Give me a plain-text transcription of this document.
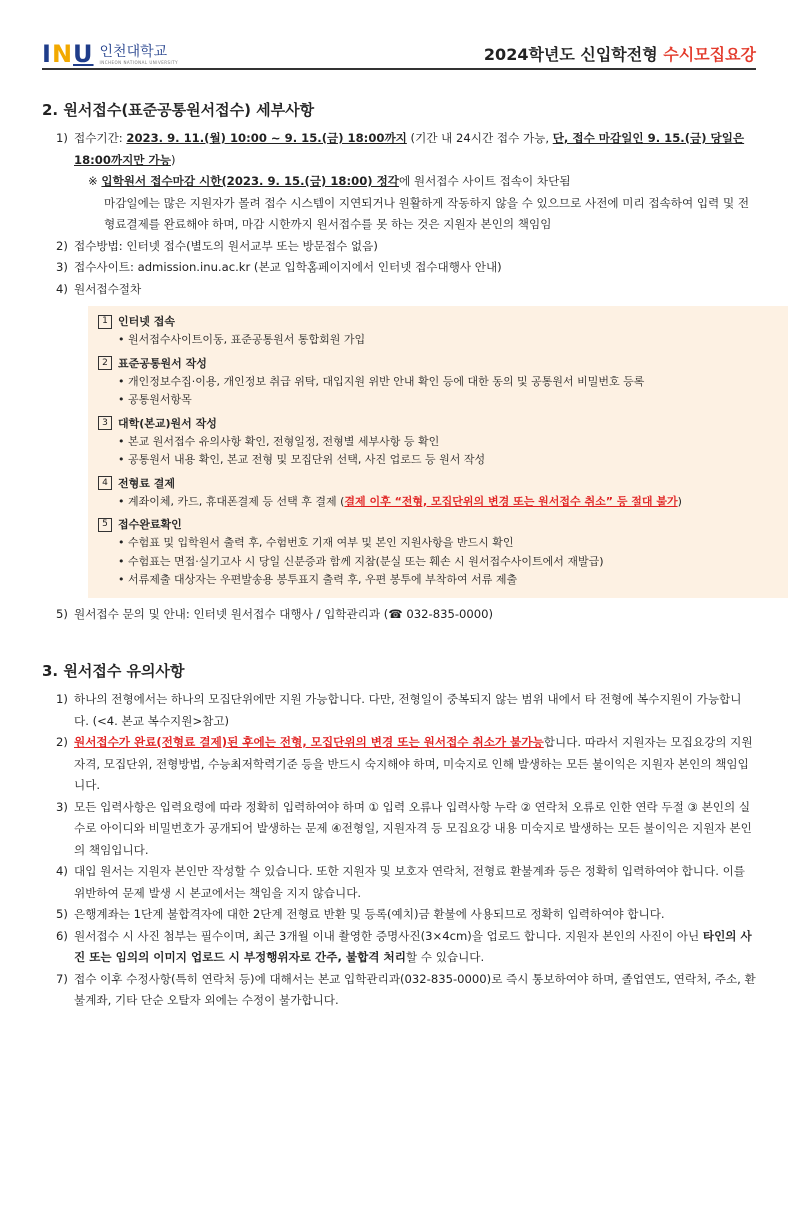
INU 인천대학교
INCHEON NATIONAL UNIVERSITY	2024학년도 신입학전형 수시모집요강
2. 원서접수(표준공통원서접수) 세부사항
1) 접수기간: 2023. 9. 11.(월) 10:00 ~ 9. 15.(금) 18:00까지 (기간 내 24시간 접수 가능, 단, 접수 마감일인 9. 15.(금) 당일은 18:00까지만 가능)
※ 입학원서 접수마감 시한(2023. 9. 15.(금) 18:00) 정각에 원서접수 사이트 접속이 차단됨
마감일에는 많은 지원자가 몰려 접수 시스템이 지연되거나 원활하게 작동하지 않을 수 있으므로 사전에 미리 접속하여 입력 및 전형료결제를 완료해야 하며, 마감 시한까지 원서접수를 못 하는 것은 지원자 본인의 책임임
2) 접수방법: 인터넷 접수(별도의 원서교부 또는 방문접수 없음)
3) 접수사이트: admission.inu.ac.kr (본교 입학홈페이지에서 인터넷 접수대행사 안내)
4) 원서접수절차
1 인터넷 접속
• 원서접수사이트이동, 표준공통원서 통합회원 가입
2 표준공통원서 작성
• 개인정보수집·이용, 개인정보 취급 위탁, 대입지원 위반 안내 확인 등에 대한 동의 및 공통원서 비밀번호 등록
• 공통원서항목
3 대학(본교)원서 작성
• 본교 원서접수 유의사항 확인, 전형일정, 전형별 세부사항 등 확인
• 공통원서 내용 확인, 본교 전형 및 모집단위 선택, 사진 업로드 등 원서 작성
4 전형료 결제
• 계좌이체, 카드, 휴대폰결제 등 선택 후 결제 (결제 이후 “전형, 모집단위의 변경 또는 원서접수 취소” 등 절대 불가)
5 접수완료확인
• 수험표 및 입학원서 출력 후, 수험번호 기재 여부 및 본인 지원사항을 반드시 확인
• 수험표는 면접·실기고사 시 당일 신분증과 함께 지참(분실 또는 훼손 시 원서접수사이트에서 재발급)
• 서류제출 대상자는 우편발송용 봉투표지 출력 후, 우편 봉투에 부착하여 서류 제출
5) 원서접수 문의 및 안내: 인터넷 원서접수 대행사 / 입학관리과 (☎ 032-835-0000)
3. 원서접수 유의사항
1) 하나의 전형에서는 하나의 모집단위에만 지원 가능합니다. 다만, 전형일이 중복되지 않는 범위 내에서 타 전형에 복수지원이 가능합니다. (<4. 본교 복수지원>참고)
2) 원서접수가 완료(전형료 결제)된 후에는 전형, 모집단위의 변경 또는 원서접수 취소가 불가능합니다. 따라서 지원자는 모집요강의 지원자격, 모집단위, 전형방법, 수능최저학력기준 등을 반드시 숙지해야 하며, 미숙지로 인해 발생하는 모든 불이익은 지원자 본인의 책임입니다.
3) 모든 입력사항은 입력요령에 따라 정확히 입력하여야 하며 ① 입력 오류나 입력사항 누락 ② 연락처 오류로 인한 연락 두절 ③ 본인의 실수로 아이디와 비밀번호가 공개되어 발생하는 문제 ④전형일, 지원자격 등 모집요강 내용 미숙지로 발생하는 모든 불이익은 지원자 본인의 책임입니다.
4) 대입 원서는 지원자 본인만 작성할 수 있습니다. 또한 지원자 및 보호자 연락처, 전형료 환불계좌 등은 정확히 입력하여야 합니다. 이를 위반하여 문제 발생 시 본교에서는 책임을 지지 않습니다.
5) 은행계좌는 1단계 불합격자에 대한 2단계 전형료 반환 및 등록(예치)금 환불에 사용되므로 정확히 입력하여야 합니다.
6) 원서접수 시 사진 첨부는 필수이며, 최근 3개월 이내 촬영한 증명사진(3×4cm)을 업로드 합니다. 지원자 본인의 사진이 아닌 타인의 사진 또는 임의의 이미지 업로드 시 부정행위자로 간주, 불합격 처리할 수 있습니다.
7) 접수 이후 수정사항(특히 연락처 등)에 대해서는 본교 입학관리과(032-835-0000)로 즉시 통보하여야 하며, 졸업연도, 연락처, 주소, 환불계좌, 기타 단순 오탈자 외에는 수정이 불가합니다.
